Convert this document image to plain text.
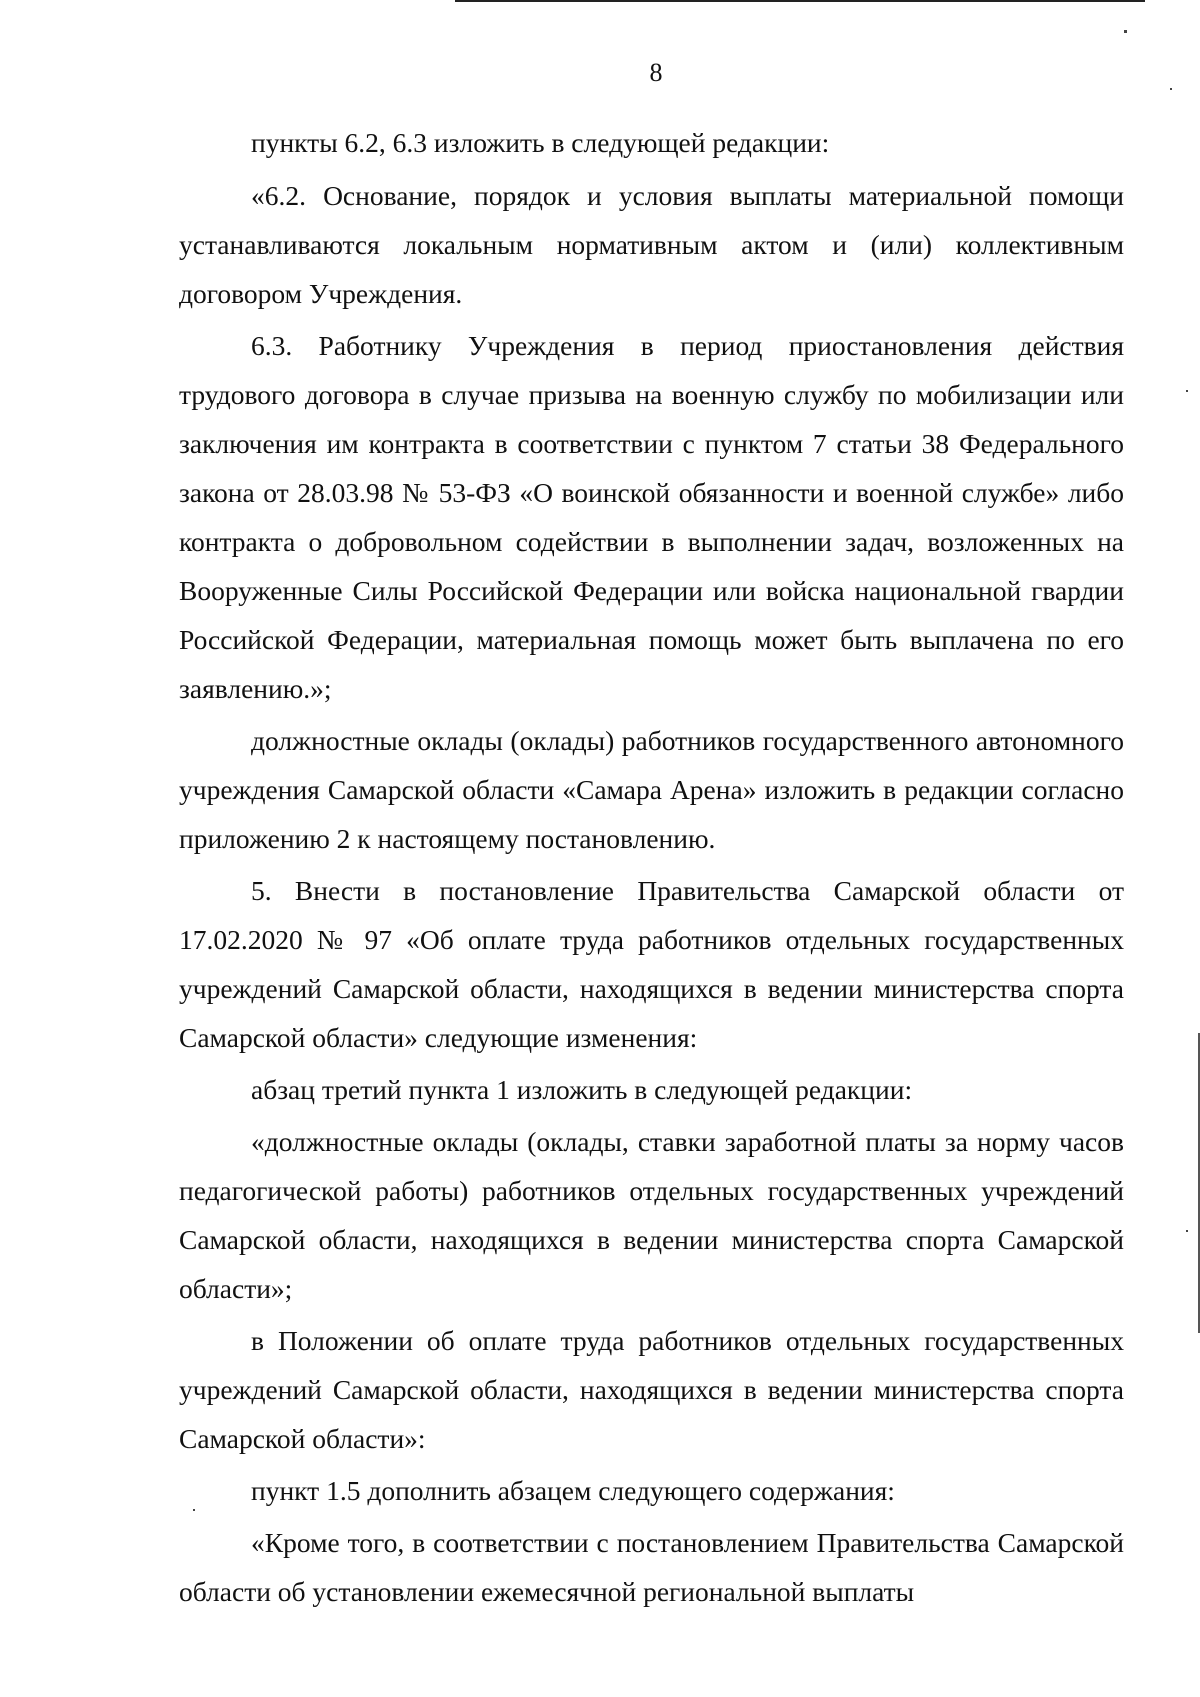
8

пункты 6.2, 6.3 изложить в следующей редакции:

«6.2. Основание, порядок и условия выплаты материальной помощи устанавливаются локальным нормативным актом и (или) коллективным договором Учреждения.

6.3. Работнику Учреждения в период приостановления действия трудового договора в случае призыва на военную службу по мобилизации или заключения им контракта в соответствии с пунктом 7 статьи 38 Федерального закона от 28.03.98 № 53-ФЗ «О воинской обязанности и военной службе» либо контракта о добровольном содействии в выполнении задач, возложенных на Вооруженные Силы Российской Федерации или войска национальной гвардии Российской Федерации, материальная помощь может быть выплачена по его заявлению.»;

должностные оклады (оклады) работников государственного автономного учреждения Самарской области «Самара Арена» изложить в редакции согласно приложению 2 к настоящему постановлению.

5. Внести в постановление Правительства Самарской области от 17.02.2020 № 97 «Об оплате труда работников отдельных государственных учреждений Самарской области, находящихся в ведении министерства спорта Самарской области» следующие изменения:

абзац третий пункта 1 изложить в следующей редакции:

«должностные оклады (оклады, ставки заработной платы за норму часов педагогической работы) работников отдельных государственных учреждений Самарской области, находящихся в ведении министерства спорта Самарской области»;

в Положении об оплате труда работников отдельных государственных учреждений Самарской области, находящихся в ведении министерства спорта Самарской области»:

пункт 1.5 дополнить абзацем следующего содержания:

«Кроме того, в соответствии с постановлением Правительства Самарской области об установлении ежемесячной региональной выплаты
